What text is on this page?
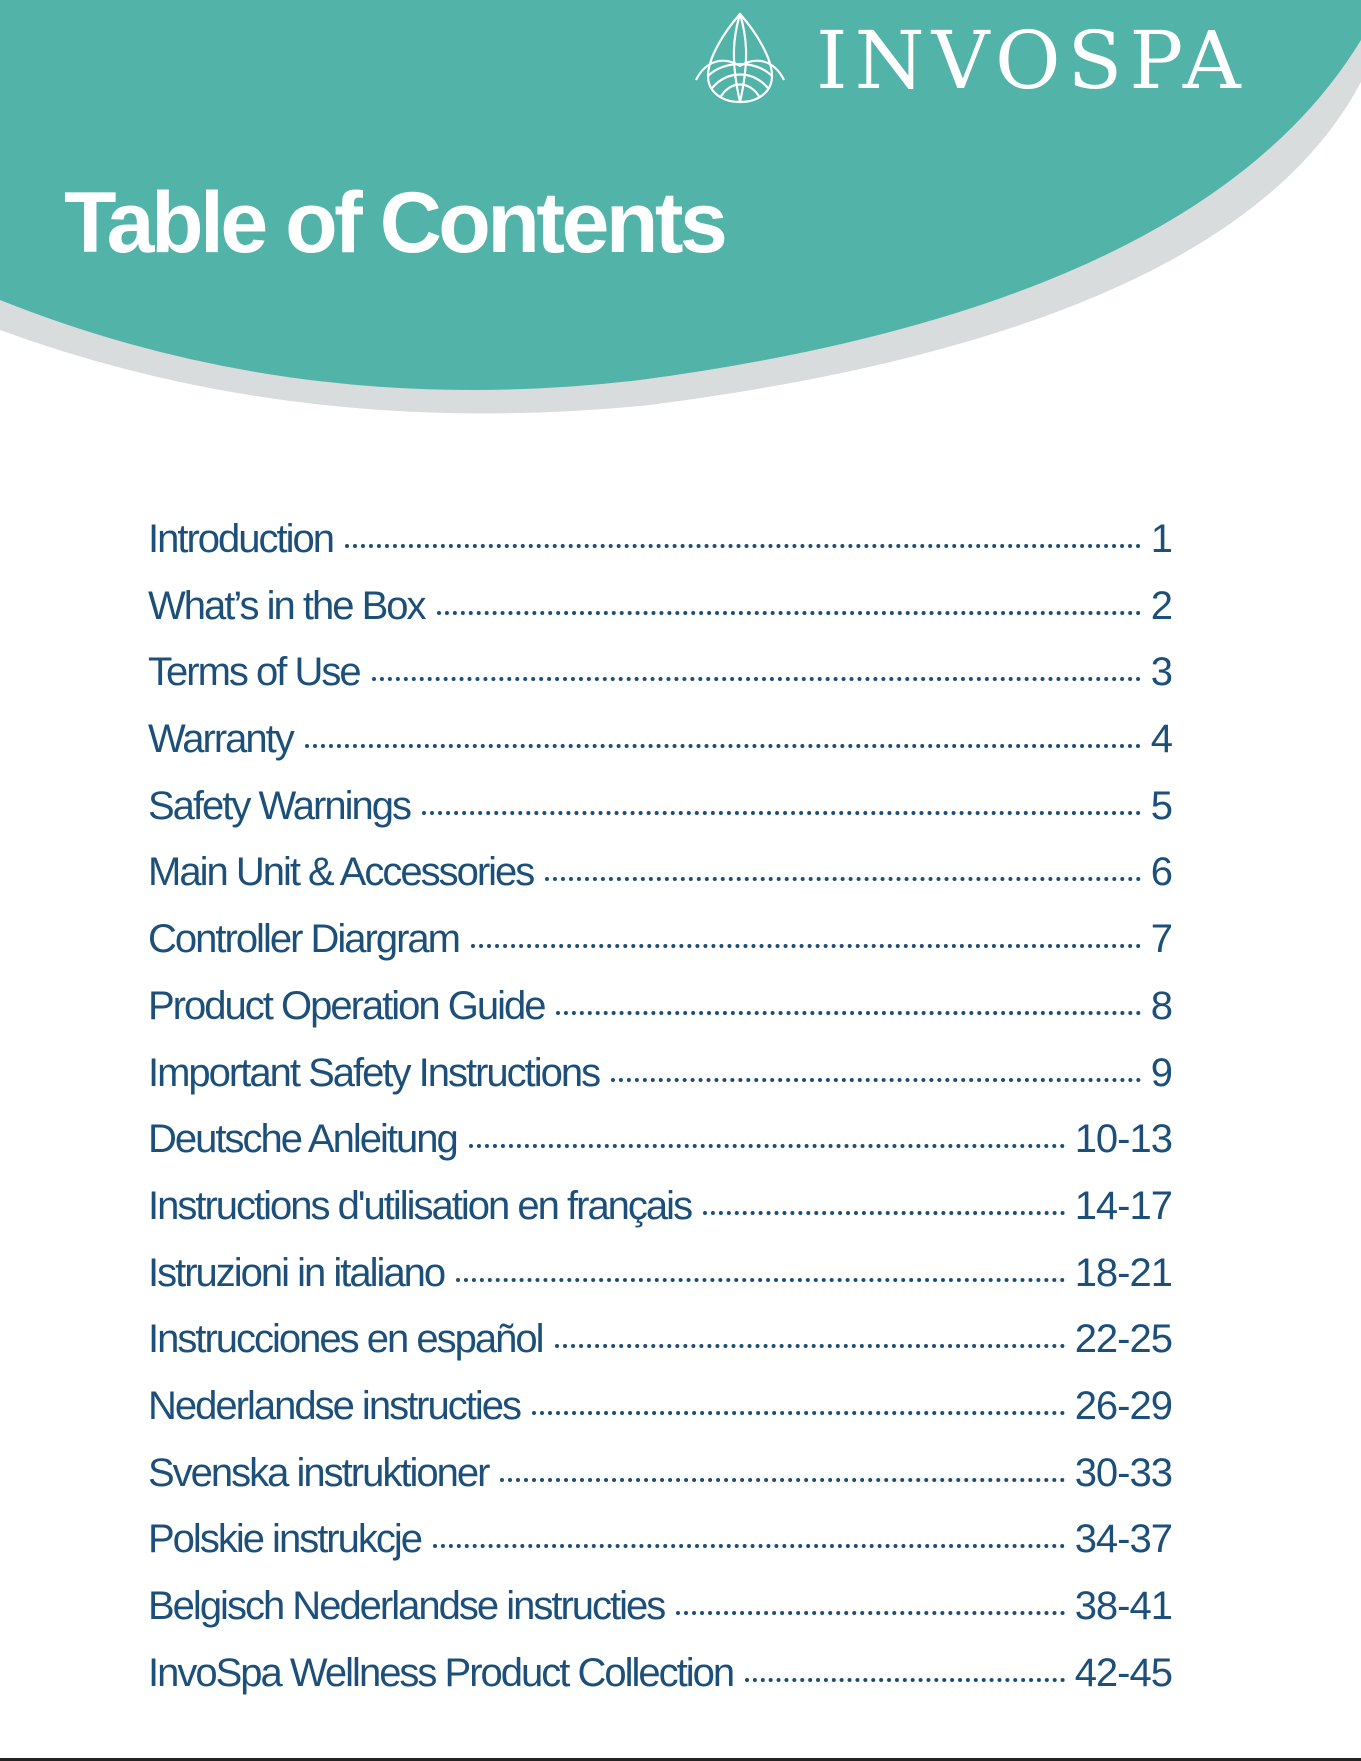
INVOSPA
Table of Contents
Introduction	1
What’s in the Box	2
Terms of Use	3
Warranty	4
Safety Warnings	5
Main Unit & Accessories	6
Controller Diargram	7
Product Operation Guide	8
Important Safety Instructions	9
Deutsche Anleitung	10-13
Instructions d'utilisation en français	14-17
Istruzioni in italiano	18-21
Instrucciones en español	22-25
Nederlandse instructies	26-29
Svenska instruktioner	30-33
Polskie instrukcje	34-37
Belgisch Nederlandse instructies	38-41
InvoSpa Wellness Product Collection	42-45
